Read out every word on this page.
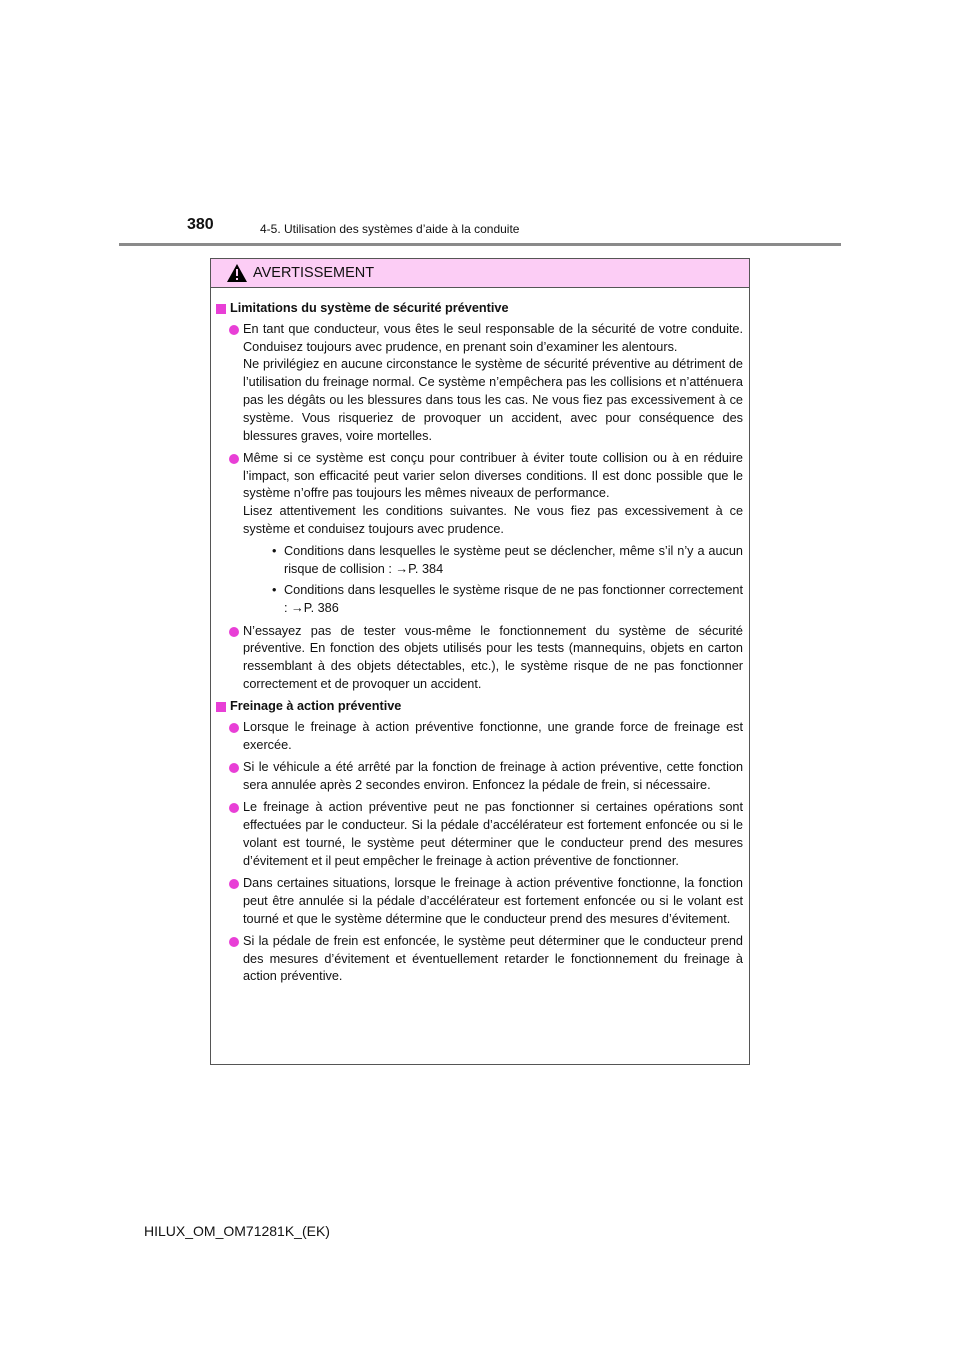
380	4-5. Utilisation des systèmes d’aide à la conduite
AVERTISSEMENT
Limitations du système de sécurité préventive

En tant que conducteur, vous êtes le seul responsable de la sécurité de votre conduite. Conduisez toujours avec prudence, en prenant soin d’examiner les alentours.

Ne privilégiez en aucune circonstance le système de sécurité préventive au détriment de l’utilisation du freinage normal. Ce système n’empêchera pas les collisions et n’atténuera pas les dégâts ou les blessures dans tous les cas. Ne vous fiez pas excessivement à ce système. Vous risqueriez de provoquer un accident, avec pour conséquence des blessures graves, voire mortelles.

Même si ce système est conçu pour contribuer à éviter toute collision ou à en réduire l’impact, son efficacité peut varier selon diverses conditions. Il est donc possible que le système n’offre pas toujours les mêmes niveaux de performance.

Lisez attentivement les conditions suivantes. Ne vous fiez pas excessivement à ce système et conduisez toujours avec prudence.

• Conditions dans lesquelles le système peut se déclencher, même s’il n’y a aucun risque de collision : →P. 384
• Conditions dans lesquelles le système risque de ne pas fonctionner correctement : →P. 386

N’essayez pas de tester vous-même le fonctionnement du système de sécurité préventive. En fonction des objets utilisés pour les tests (mannequins, objets en carton ressemblant à des objets détectables, etc.), le système risque de ne pas fonctionner correctement et de provoquer un accident.

Freinage à action préventive

Lorsque le freinage à action préventive fonctionne, une grande force de freinage est exercée.

Si le véhicule a été arrêté par la fonction de freinage à action préventive, cette fonction sera annulée après 2 secondes environ. Enfoncez la pédale de frein, si nécessaire.

Le freinage à action préventive peut ne pas fonctionner si certaines opérations sont effectuées par le conducteur. Si la pédale d’accélérateur est fortement enfoncée ou si le volant est tourné, le système peut déterminer que le conducteur prend des mesures d’évitement et il peut empêcher le freinage à action préventive de fonctionner.

Dans certaines situations, lorsque le freinage à action préventive fonctionne, la fonction peut être annulée si la pédale d’accélérateur est fortement enfoncée ou si le volant est tourné et que le système détermine que le conducteur prend des mesures d’évitement.

Si la pédale de frein est enfoncée, le système peut déterminer que le conducteur prend des mesures d’évitement et éventuellement retarder le fonctionnement du freinage à action préventive.

HILUX_OM_OM71281K_(EK)
